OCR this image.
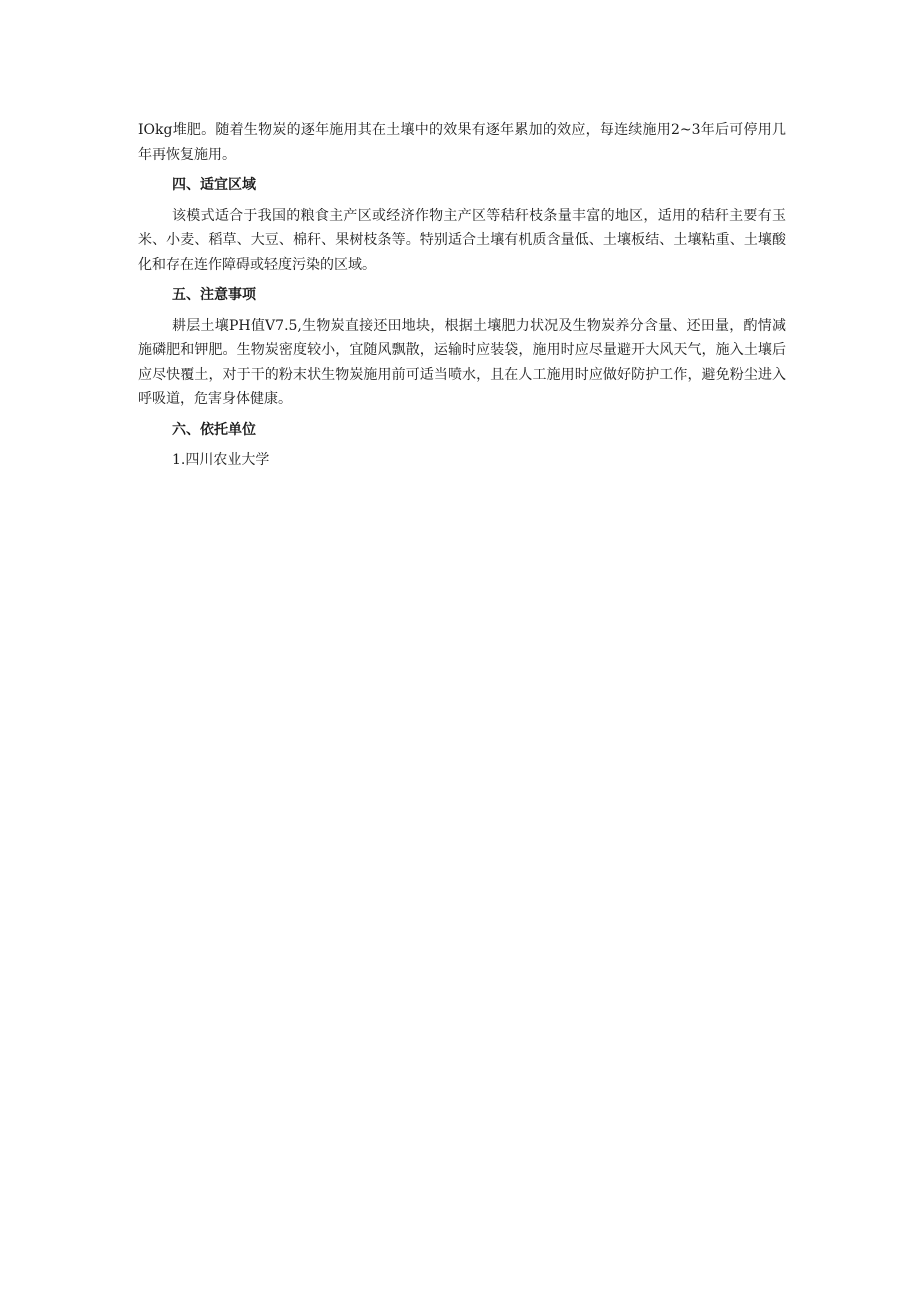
IOkg堆肥。随着生物炭的逐年施用其在土壤中的效果有逐年累加的效应，每连续施用2~3年后可停用几年再恢复施用。

四、适宜区域

该模式适合于我国的粮食主产区或经济作物主产区等秸秆枝条量丰富的地区，适用的秸秆主要有玉米、小麦、稻草、大豆、棉秆、果树枝条等。特别适合土壤有机质含量低、土壤板结、土壤粘重、土壤酸化和存在连作障碍或轻度污染的区域。

五、注意事项

耕层土壤PH值V7.5,生物炭直接还田地块，根据土壤肥力状况及生物炭养分含量、还田量，酌情减施磷肥和钾肥。生物炭密度较小，宜随风飘散，运输时应装袋，施用时应尽量避开大风天气，施入土壤后应尽快覆土，对于干的粉末状生物炭施用前可适当喷水，且在人工施用时应做好防护工作，避免粉尘进入呼吸道，危害身体健康。

六、依托单位

1.四川农业大学
